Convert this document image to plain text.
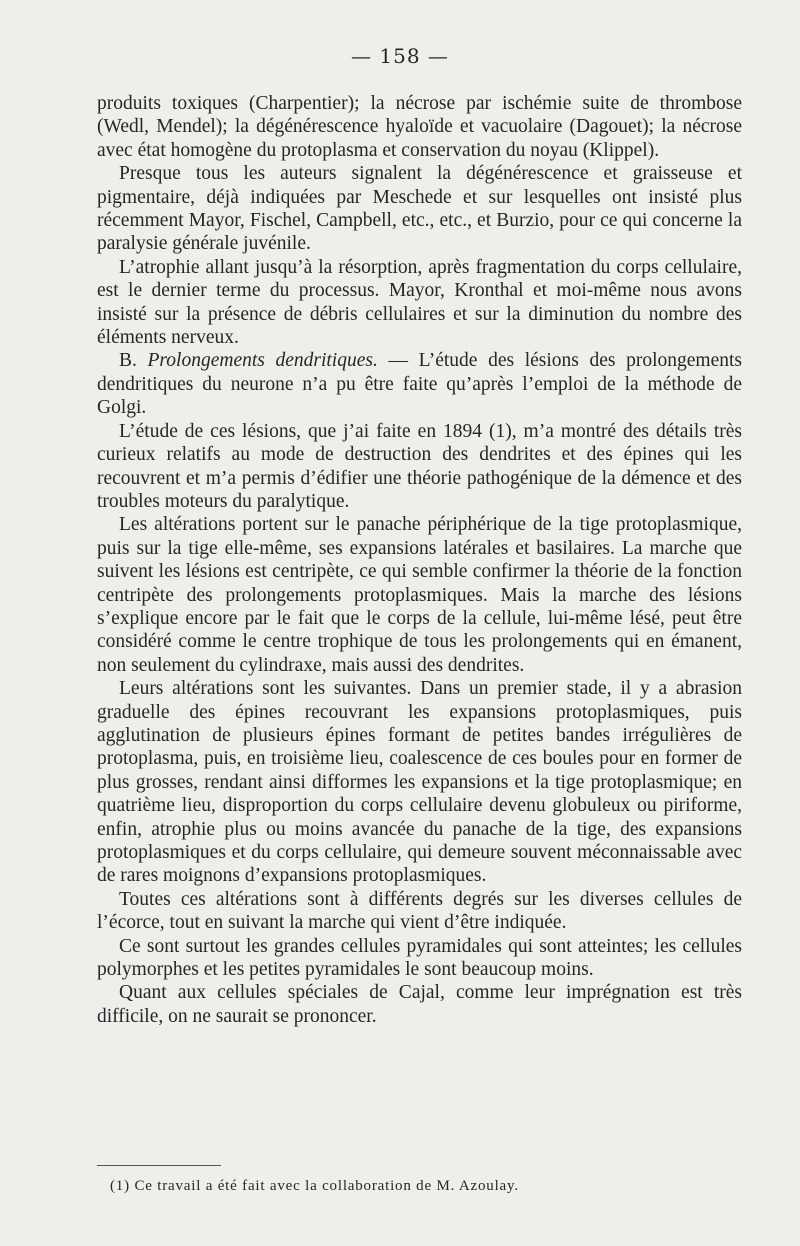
— 158 —

produits toxiques (Charpentier); la nécrose par ischémie suite de thrombose (Wedl, Mendel); la dégénérescence hyaloïde et vacuolaire (Dagouet); la nécrose avec état homogène du protoplasma et conservation du noyau (Klippel).

Presque tous les auteurs signalent la dégénérescence et graisseuse et pigmentaire, déjà indiquées par Meschede et sur lesquelles ont insisté plus récemment Mayor, Fischel, Campbell, etc., etc., et Burzio, pour ce qui concerne la paralysie générale juvénile.

L’atrophie allant jusqu’à la résorption, après fragmentation du corps cellulaire, est le dernier terme du processus. Mayor, Kronthal et moi-même nous avons insisté sur la présence de débris cellulaires et sur la diminution du nombre des éléments nerveux.

B. Prolongements dendritiques. — L’étude des lésions des prolongements dendritiques du neurone n’a pu être faite qu’après l’emploi de la méthode de Golgi.

L’étude de ces lésions, que j’ai faite en 1894 (1), m’a montré des détails très curieux relatifs au mode de destruction des dendrites et des épines qui les recouvrent et m’a permis d’édifier une théorie pathogénique de la démence et des troubles moteurs du paralytique.

Les altérations portent sur le panache périphérique de la tige protoplasmique, puis sur la tige elle-même, ses expansions latérales et basilaires. La marche que suivent les lésions est centripète, ce qui semble confirmer la théorie de la fonction centripète des prolongements protoplasmiques. Mais la marche des lésions s’explique encore par le fait que le corps de la cellule, lui-même lésé, peut être considéré comme le centre trophique de tous les prolongements qui en émanent, non seulement du cylindraxe, mais aussi des dendrites.

Leurs altérations sont les suivantes. Dans un premier stade, il y a abrasion graduelle des épines recouvrant les expansions protoplasmiques, puis agglutination de plusieurs épines formant de petites bandes irrégulières de protoplasma, puis, en troisième lieu, coalescence de ces boules pour en former de plus grosses, rendant ainsi difformes les expansions et la tige protoplasmique; en quatrième lieu, disproportion du corps cellulaire devenu globuleux ou piriforme, enfin, atrophie plus ou moins avancée du panache de la tige, des expansions protoplasmiques et du corps cellulaire, qui demeure souvent méconnaissable avec de rares moignons d’expansions protoplasmiques.

Toutes ces altérations sont à différents degrés sur les diverses cellules de l’écorce, tout en suivant la marche qui vient d’être indiquée.

Ce sont surtout les grandes cellules pyramidales qui sont atteintes; les cellules polymorphes et les petites pyramidales le sont beaucoup moins.

Quant aux cellules spéciales de Cajal, comme leur imprégnation est très difficile, on ne saurait se prononcer.

(1) Ce travail a été fait avec la collaboration de M. Azoulay.
